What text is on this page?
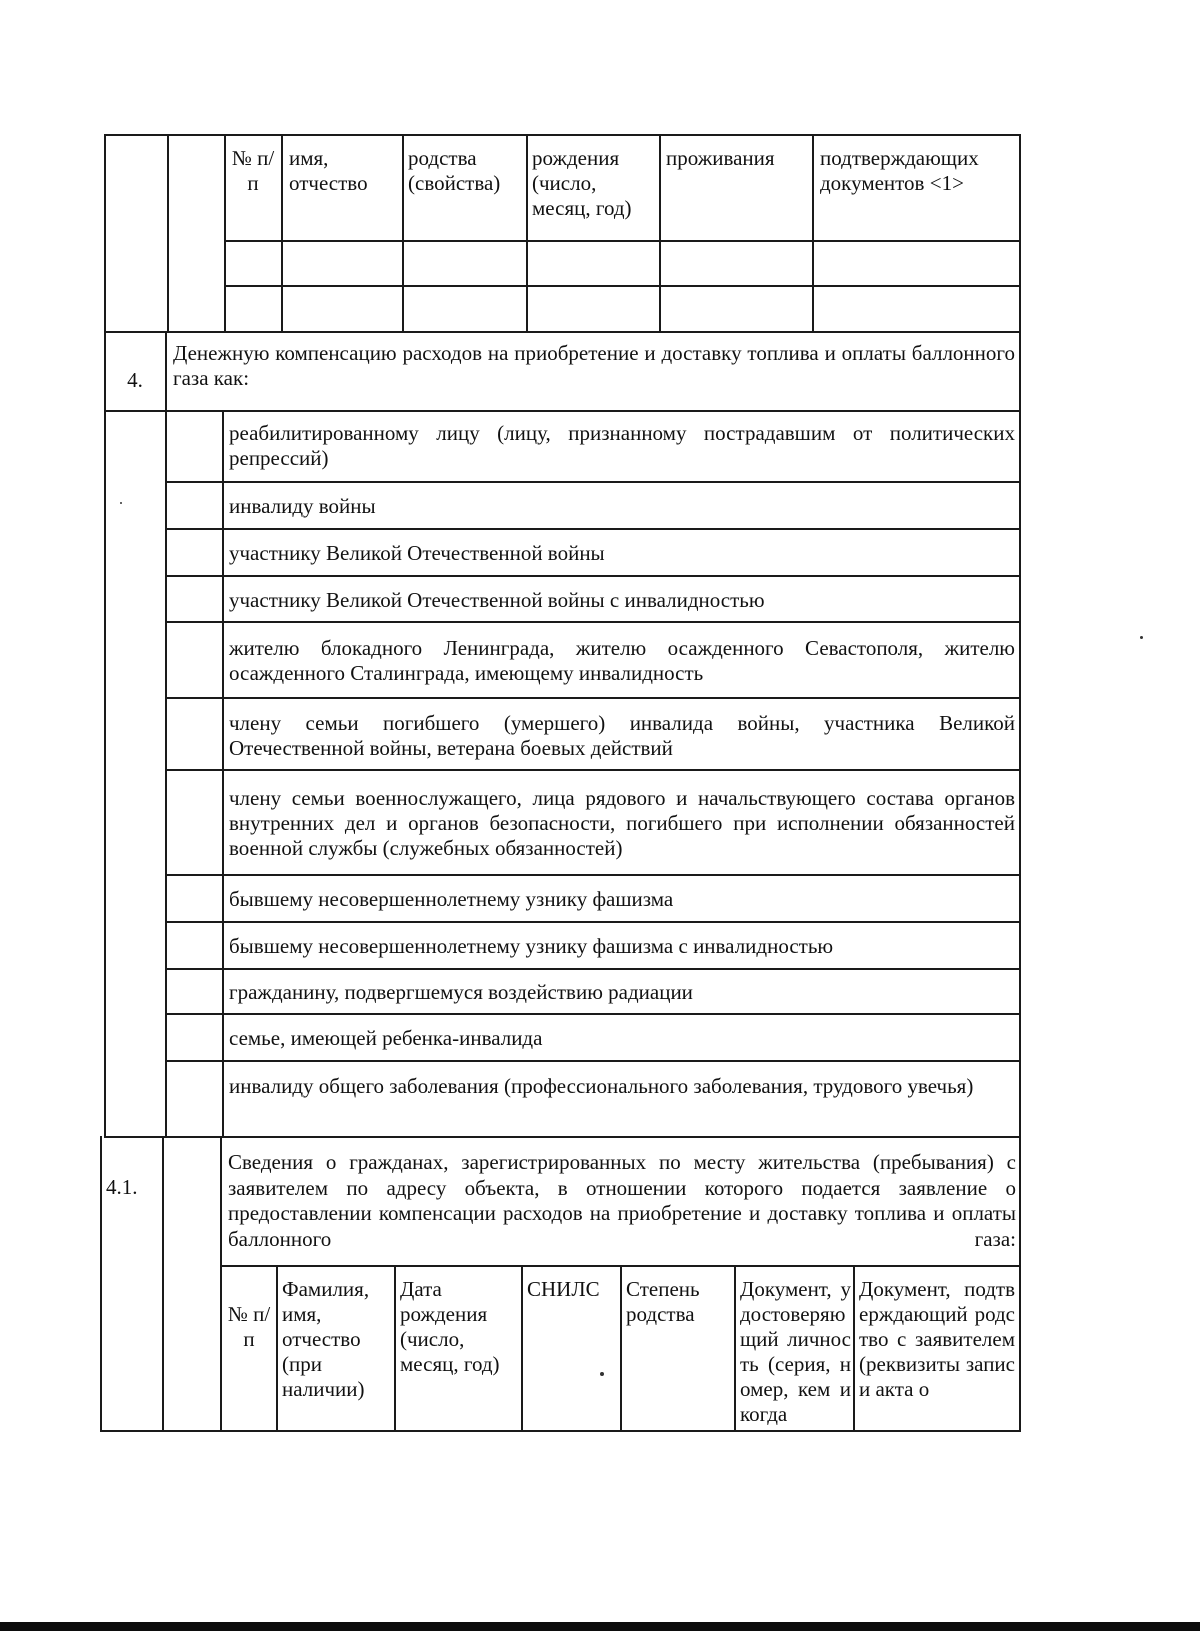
№ п/п

имя, отчество

родства (свойства)

рождения (число, месяц, год)

проживания	подтверждающих документов <1>

4.

Денежную компенсацию расходов на приобретение и доставку топлива и оплаты баллонного газа как:

реабилитированному лицу (лицу, признанному пострадавшим от политических репрессий)

инвалиду войны

участнику Великой Отечественной войны

участнику Великой Отечественной войны с инвалидностью

жителю блокадного Ленинграда, жителю осажденного Севастополя, жителю осажденного Сталинграда, имеющему инвалидность

члену семьи погибшего (умершего) инвалида войны, участника Великой Отечественной войны, ветерана боевых действий

члену семьи военнослужащего, лица рядового и начальствующего состава органов внутренних дел и органов безопасности, погибшего при исполнении обязанностей военной службы (служебных обязанностей)

бывшему несовершеннолетнему узнику фашизма

бывшему несовершеннолетнему узнику фашизма с инвалидностью

гражданину, подвергшемуся воздействию радиации

семье, имеющей ребенка-инвалида

инвалиду общего заболевания (профессионального заболевания, трудового увечья)

4.1.

Сведения о гражданах, зарегистрированных по месту жительства (пребывания) с заявителем по адресу объекта, в отношении которого подается заявление о предоставлении компенсации расходов на приобретение и доставку топлива и оплаты баллонного газа:

№ п/п

Фамилия, имя, отчество (при наличии)

Дата рождения (число, месяц, год)

СНИЛС	Степень родства

Документ, удостоверяющий личность (серия, номер, кем и когда

Документ, подтверждающий родство с заявителем (реквизиты записи акта о
